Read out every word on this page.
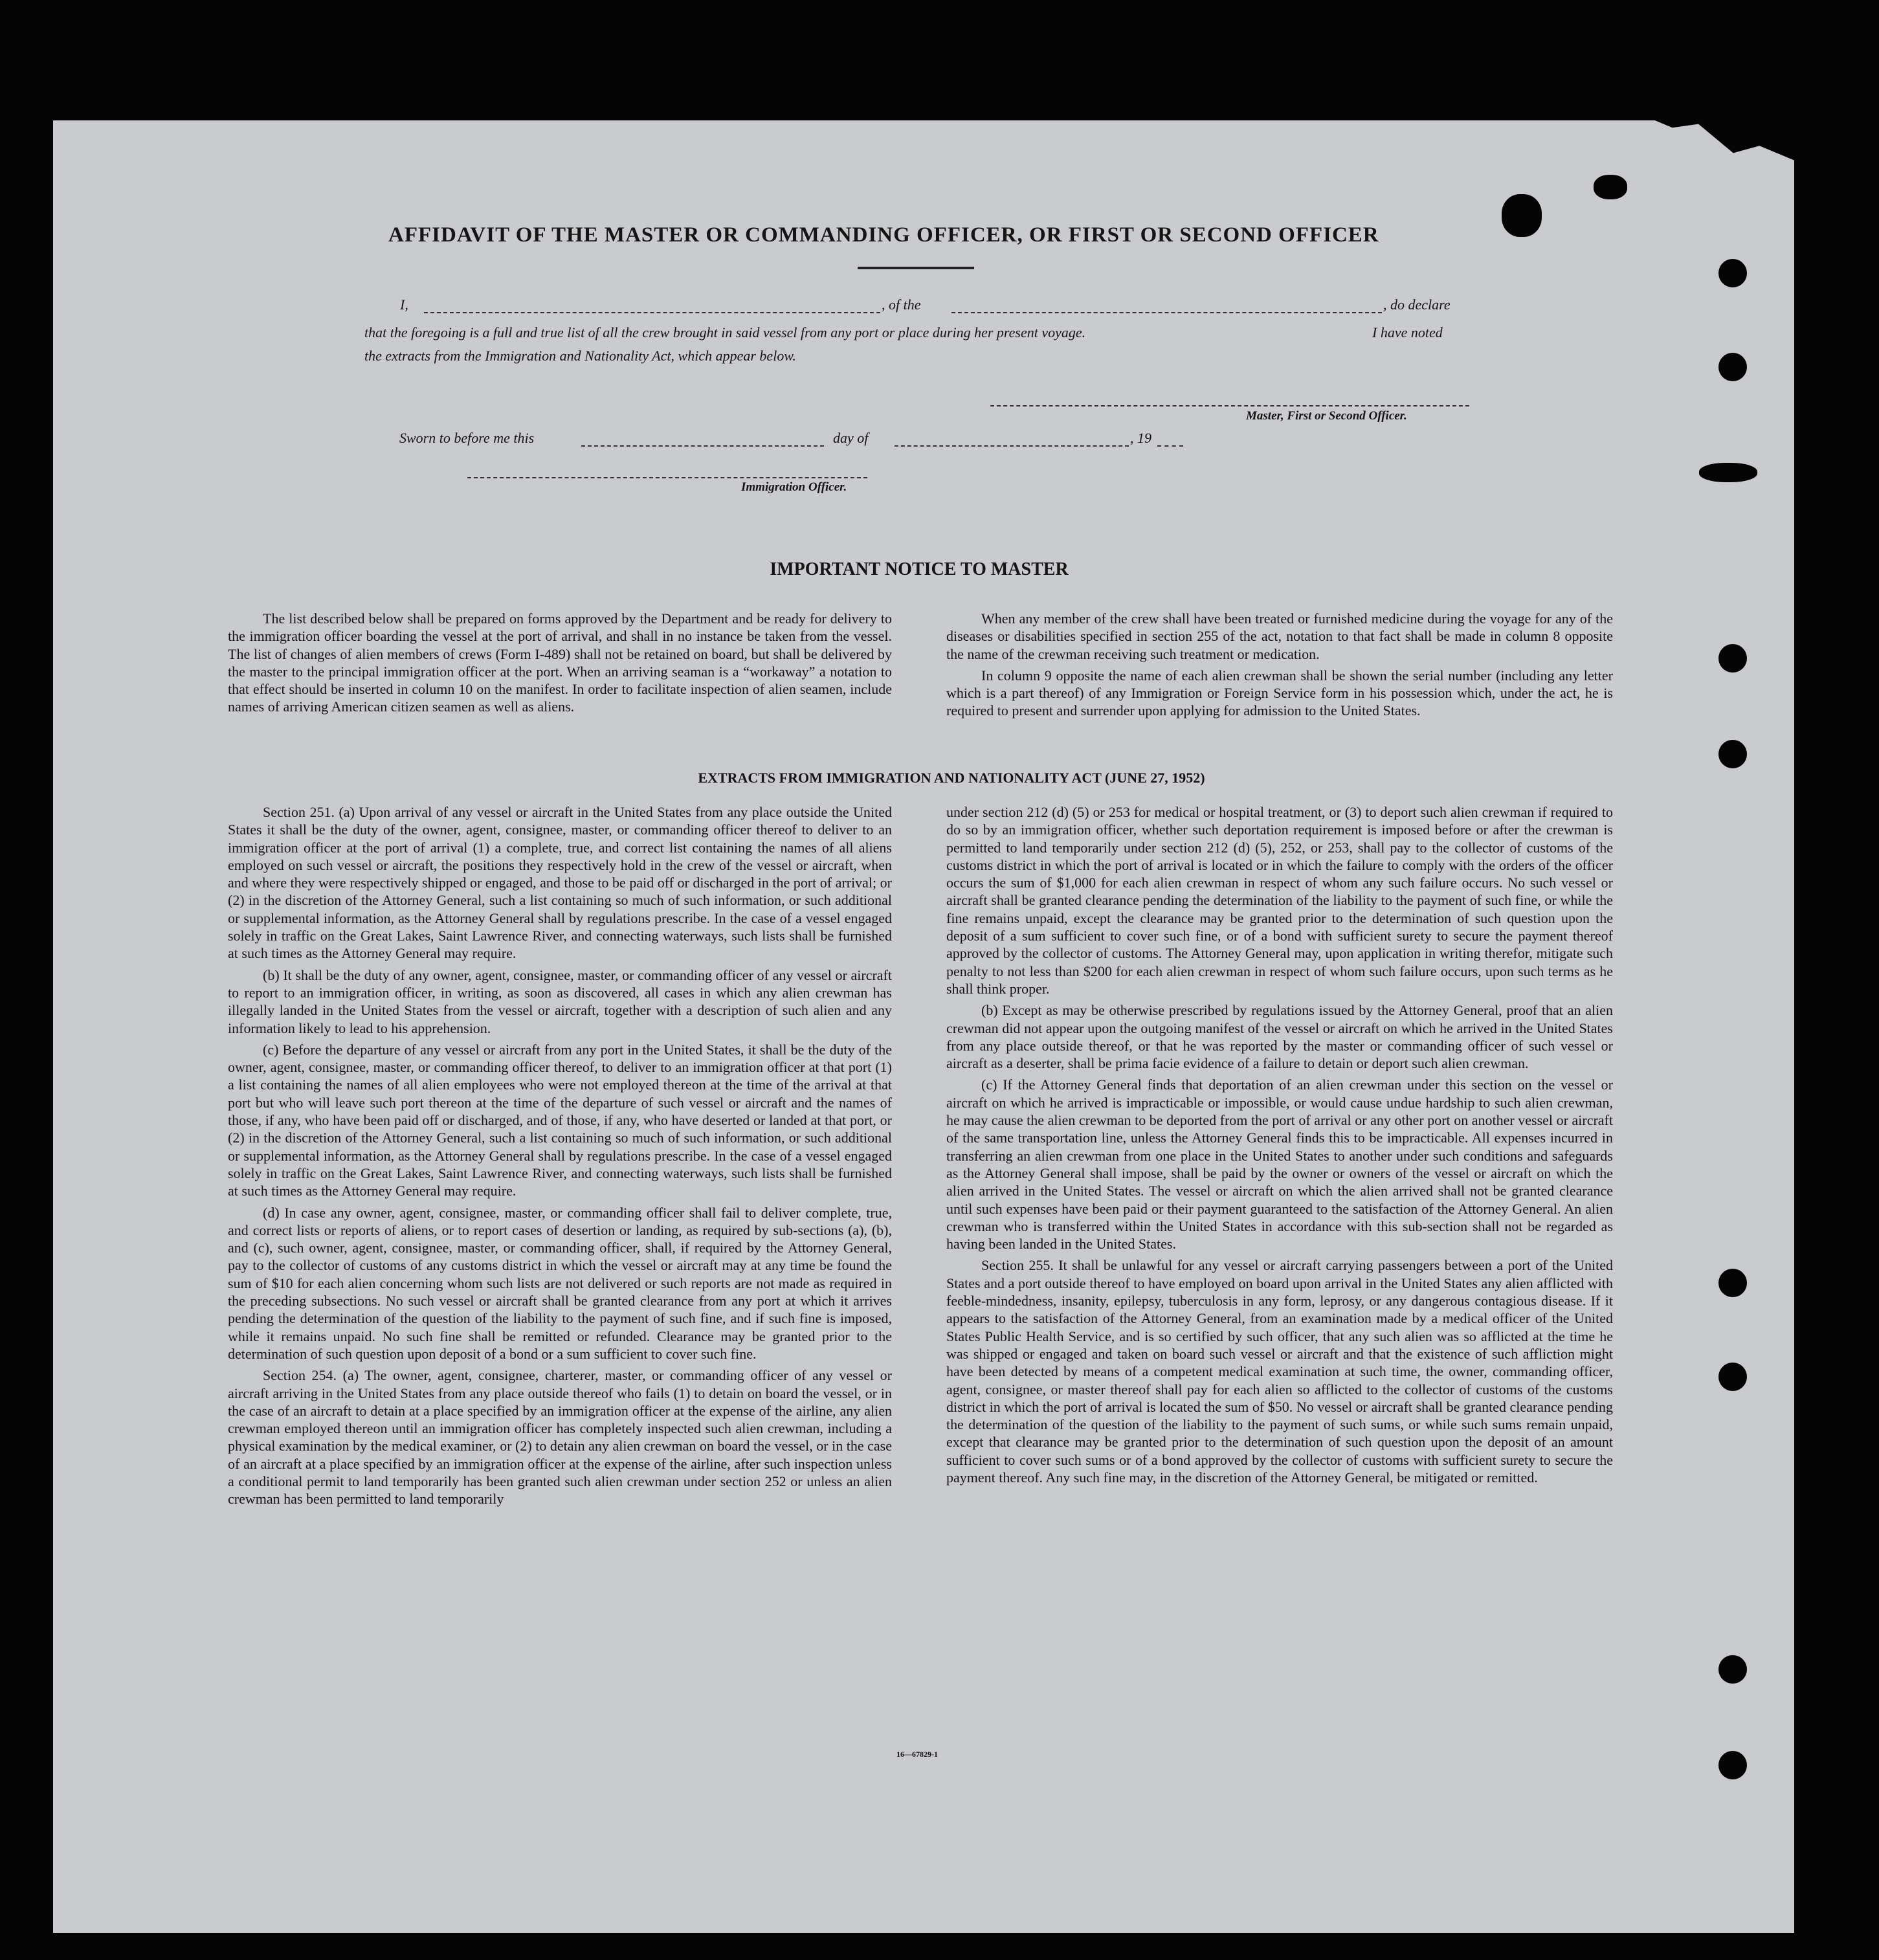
AFFIDAVIT OF THE MASTER OR COMMANDING OFFICER, OR FIRST OR SECOND OFFICER
I,	, of the	, do declare
that the foregoing is a full and true list of all the crew brought in said vessel from any port or place during her present voyage.	I have noted
the extracts from the Immigration and Nationality Act, which appear below.
Master, First or Second Officer.
Sworn to before me this	day of	, 19
Immigration Officer.
IMPORTANT NOTICE TO MASTER

The list described below shall be prepared on forms approved by the Department and be ready for delivery to the immigration officer boarding the vessel at the port of arrival, and shall in no instance be taken from the vessel. The list of changes of alien members of crews (Form I-489) shall not be retained on board, but shall be delivered by the master to the principal immigration officer at the port. When an arriving seaman is a “workaway” a notation to that effect should be inserted in column 10 on the manifest. In order to facilitate inspection of alien seamen, include names of arriving American citizen seamen as well as aliens.

When any member of the crew shall have been treated or furnished medicine during the voyage for any of the diseases or disabilities specified in section 255 of the act, notation to that fact shall be made in column 8 opposite the name of the crewman receiving such treatment or medication.

In column 9 opposite the name of each alien crewman shall be shown the serial number (including any letter which is a part thereof) of any Immigration or Foreign Service form in his possession which, under the act, he is required to present and surrender upon applying for admission to the United States.

EXTRACTS FROM IMMIGRATION AND NATIONALITY ACT (JUNE 27, 1952)

Section 251. (a) Upon arrival of any vessel or aircraft in the United States from any place outside the United States it shall be the duty of the owner, agent, consignee, master, or commanding officer thereof to deliver to an immigration officer at the port of arrival (1) a complete, true, and correct list containing the names of all aliens employed on such vessel or aircraft, the positions they respectively hold in the crew of the vessel or aircraft, when and where they were respectively shipped or engaged, and those to be paid off or discharged in the port of arrival; or (2) in the discretion of the Attorney General, such a list containing so much of such information, or such additional or supplemental information, as the Attorney General shall by regulations prescribe. In the case of a vessel engaged solely in traffic on the Great Lakes, Saint Lawrence River, and connecting waterways, such lists shall be furnished at such times as the Attorney General may require.

(b) It shall be the duty of any owner, agent, consignee, master, or commanding officer of any vessel or aircraft to report to an immigration officer, in writing, as soon as discovered, all cases in which any alien crewman has illegally landed in the United States from the vessel or aircraft, together with a description of such alien and any information likely to lead to his apprehension.

(c) Before the departure of any vessel or aircraft from any port in the United States, it shall be the duty of the owner, agent, consignee, master, or commanding officer thereof, to deliver to an immigration officer at that port (1) a list containing the names of all alien employees who were not employed thereon at the time of the arrival at that port but who will leave such port thereon at the time of the departure of such vessel or aircraft and the names of those, if any, who have been paid off or discharged, and of those, if any, who have deserted or landed at that port, or (2) in the discretion of the Attorney General, such a list containing so much of such information, or such additional or supplemental information, as the Attorney General shall by regulations prescribe. In the case of a vessel engaged solely in traffic on the Great Lakes, Saint Lawrence River, and connecting waterways, such lists shall be furnished at such times as the Attorney General may require.

(d) In case any owner, agent, consignee, master, or commanding officer shall fail to deliver complete, true, and correct lists or reports of aliens, or to report cases of desertion or landing, as required by sub-sections (a), (b), and (c), such owner, agent, consignee, master, or commanding officer, shall, if required by the Attorney General, pay to the collector of customs of any customs district in which the vessel or aircraft may at any time be found the sum of $10 for each alien concerning whom such lists are not delivered or such reports are not made as required in the preceding subsections. No such vessel or aircraft shall be granted clearance from any port at which it arrives pending the determination of the question of the liability to the payment of such fine, and if such fine is imposed, while it remains unpaid. No such fine shall be remitted or refunded. Clearance may be granted prior to the determination of such question upon deposit of a bond or a sum sufficient to cover such fine.

Section 254. (a) The owner, agent, consignee, charterer, master, or commanding officer of any vessel or aircraft arriving in the United States from any place outside thereof who fails (1) to detain on board the vessel, or in the case of an aircraft to detain at a place specified by an immigration officer at the expense of the airline, any alien crewman employed thereon until an immigration officer has completely inspected such alien crewman, including a physical examination by the medical examiner, or (2) to detain any alien crewman on board the vessel, or in the case of an aircraft at a place specified by an immigration officer at the expense of the airline, after such inspection unless a conditional permit to land temporarily has been granted such alien crewman under section 252 or unless an alien crewman has been permitted to land temporarily

under section 212 (d) (5) or 253 for medical or hospital treatment, or (3) to deport such alien crewman if required to do so by an immigration officer, whether such deportation requirement is imposed before or after the crewman is permitted to land temporarily under section 212 (d) (5), 252, or 253, shall pay to the collector of customs of the customs district in which the port of arrival is located or in which the failure to comply with the orders of the officer occurs the sum of $1,000 for each alien crewman in respect of whom any such failure occurs. No such vessel or aircraft shall be granted clearance pending the determination of the liability to the payment of such fine, or while the fine remains unpaid, except the clearance may be granted prior to the determination of such question upon the deposit of a sum sufficient to cover such fine, or of a bond with sufficient surety to secure the payment thereof approved by the collector of customs. The Attorney General may, upon application in writing therefor, mitigate such penalty to not less than $200 for each alien crewman in respect of whom such failure occurs, upon such terms as he shall think proper.

(b) Except as may be otherwise prescribed by regulations issued by the Attorney General, proof that an alien crewman did not appear upon the outgoing manifest of the vessel or aircraft on which he arrived in the United States from any place outside thereof, or that he was reported by the master or commanding officer of such vessel or aircraft as a deserter, shall be prima facie evidence of a failure to detain or deport such alien crewman.

(c) If the Attorney General finds that deportation of an alien crewman under this section on the vessel or aircraft on which he arrived is impracticable or impossible, or would cause undue hardship to such alien crewman, he may cause the alien crewman to be deported from the port of arrival or any other port on another vessel or aircraft of the same transportation line, unless the Attorney General finds this to be impracticable. All expenses incurred in transferring an alien crewman from one place in the United States to another under such conditions and safeguards as the Attorney General shall impose, shall be paid by the owner or owners of the vessel or aircraft on which the alien arrived in the United States. The vessel or aircraft on which the alien arrived shall not be granted clearance until such expenses have been paid or their payment guaranteed to the satisfaction of the Attorney General. An alien crewman who is transferred within the United States in accordance with this sub-section shall not be regarded as having been landed in the United States.

Section 255. It shall be unlawful for any vessel or aircraft carrying passengers between a port of the United States and a port outside thereof to have employed on board upon arrival in the United States any alien afflicted with feeble-mindedness, insanity, epilepsy, tuberculosis in any form, leprosy, or any dangerous contagious disease. If it appears to the satisfaction of the Attorney General, from an examination made by a medical officer of the United States Public Health Service, and is so certified by such officer, that any such alien was so afflicted at the time he was shipped or engaged and taken on board such vessel or aircraft and that the existence of such affliction might have been detected by means of a competent medical examination at such time, the owner, commanding officer, agent, consignee, or master thereof shall pay for each alien so afflicted to the collector of customs of the customs district in which the port of arrival is located the sum of $50. No vessel or aircraft shall be granted clearance pending the determination of the question of the liability to the payment of such sums, or while such sums remain unpaid, except that clearance may be granted prior to the determination of such question upon the deposit of an amount sufficient to cover such sums or of a bond approved by the collector of customs with sufficient surety to secure the payment thereof. Any such fine may, in the discretion of the Attorney General, be mitigated or remitted.

16—67829-1
